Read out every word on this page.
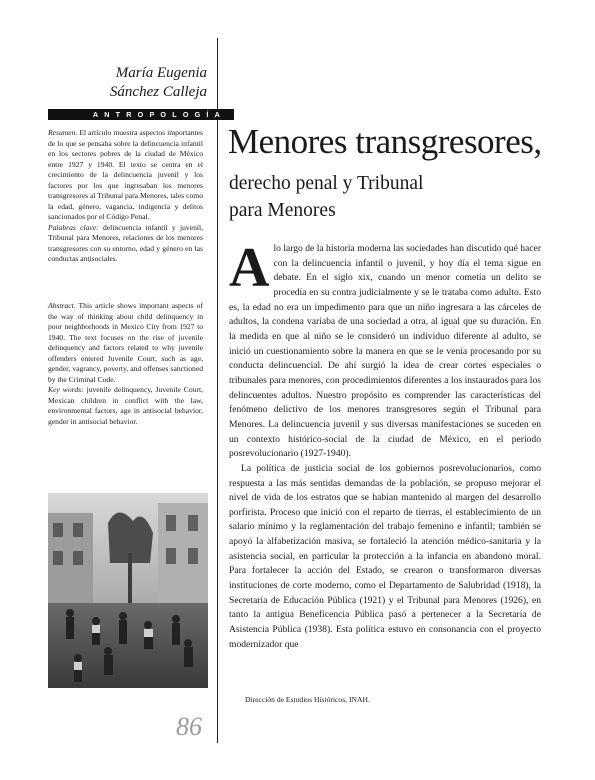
María Eugenia
Sánchez Calleja
ANTROPOLOGÍA

Resumen. El artículo muestra aspectos importantes de lo que se pensaba sobre la delincuencia infantil en los sectores pobres de la ciudad de México entre 1927 y 1940. El texto se centra en el crecimiento de la delincuencia juvenil y los factores por los que ingresaban los menores transgresores al Tribunal para Menores, tales como la edad, género, vagancia, indigencia y delitos sancionados por el Código Penal.

Palabras clave: delincuencia infantil y juvenil, Tribunal para Menores, relaciones de los menores transgresores con su entorno, edad y género en las conductas antisociales.

Abstract. This article shows important aspects of the way of thinking about child delinquency in poor neighborhoods in Mexico City from 1927 to 1940. The text focuses on the rise of juvenile delinquency and factors related to why juvenile offenders entered Juvenile Court, such as age, gender, vagrancy, poverty, and offenses sanctioned by the Criminal Code.

Key words: juvenile delinquency, Juvenile Court, Mexican children in conflict with the law, environmental factors, age in antisocial behavior, gender in antisocial behavior.

Menores transgresores,
derecho penal y Tribunal
para Menores

Alo largo de la historia moderna las sociedades han discutido qué hacer con la delincuencia infantil o juvenil, y hoy día el tema sigue en debate. En el siglo xix, cuando un menor cometía un delito se procedía en su contra judicialmente y se le trataba como adulto. Esto es, la edad no era un impedimento para que un niño ingresara a las cárceles de adultos, la condena variaba de una sociedad a otra, al igual que su duración. En la medida en que al niño se le consideró un individuo diferente al adulto, se inició un cuestionamiento sobre la manera en que se le venía procesando por su conducta delincuencial. De ahí surgió la idea de crear cortes especiales o tribunales para menores, con procedimientos diferentes a los instaurados para los delincuentes adultos. Nuestro propósito es comprender las características del fenómeno delictivo de los menores transgresores según el Tribunal para Menores. La delincuencia juvenil y sus diversas manifestaciones se suceden en un contexto histórico-social de la ciudad de México, en el periodo posrevolucionario (1927-1940).

La política de justicia social de los gobiernos posrevolucionarios, como respuesta a las más sentidas demandas de la población, se propuso mejorar el nivel de vida de los estratos que se habían mantenido al margen del desarrollo porfirista. Proceso que inició con el reparto de tierras, el establecimiento de un salario mínimo y la reglamentación del trabajo femenino e infantil; también se apoyó la alfabetización masiva, se fortaleció la atención médico-sanitaria y la asistencia social, en particular la protección a la infancia en abandono moral. Para fortalecer la acción del Estado, se crearon o transformaron diversas instituciones de corte moderno, como el Departamento de Salubridad (1918), la Secretaría de Educación Pública (1921) y el Tribunal para Menores (1926), en tanto la antigua Beneficencia Pública pasó a pertenecer a la Secretaría de Asistencia Pública (1938). Esta política estuvo en consonancia con el proyecto modernizador que

Dirección de Estudios Históricos, INAH.
86
